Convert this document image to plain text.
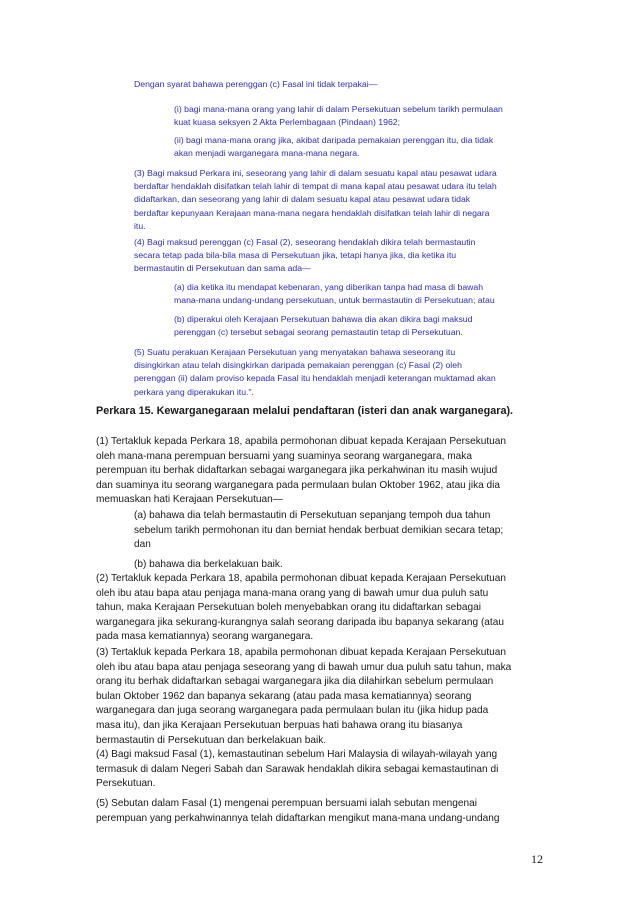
Dengan syarat bahawa perenggan (c) Fasal ini tidak terpakai—

(i) bagi mana-mana orang yang lahir di dalam Persekutuan sebelum tarikh permulaan
kuat kuasa seksyen 2 Akta Perlembagaan (Pindaan) 1962;

(ii) bagi mana-mana orang jika, akibat daripada pemakaian perenggan itu, dia tidak
akan menjadi warganegara mana-mana negara.

(3) Bagi maksud Perkara ini, seseorang yang lahir di dalam sesuatu kapal atau pesawat udara
berdaftar hendaklah disifatkan telah lahir di tempat di mana kapal atau pesawat udara itu telah
didaftarkan, dan seseorang yang lahir di dalam sesuatu kapal atau pesawat udara tidak
berdaftar kepunyaan Kerajaan mana-mana negara hendaklah disifatkan telah lahir di negara
itu.

(4) Bagi maksud perenggan (c) Fasal (2), seseorang hendaklah dikira telah bermastautin
secara tetap pada bila-bila masa di Persekutuan jika, tetapi hanya jika, dia ketika itu
bermastautin di Persekutuan dan sama ada—

(a) dia ketika itu mendapat kebenaran, yang diberikan tanpa had masa di bawah
mana-mana undang-undang persekutuan, untuk bermastautin di Persekutuan; atau

(b) diperakui oleh Kerajaan Persekutuan bahawa dia akan dikira bagi maksud
perenggan (c) tersebut sebagai seorang pemastautin tetap di Persekutuan.

(5) Suatu perakuan Kerajaan Persekutuan yang menyatakan bahawa seseorang itu
disingkirkan atau telah disingkirkan daripada pemakaian perenggan (c) Fasal (2) oleh
perenggan (ii) dalam proviso kepada Fasal itu hendaklah menjadi keterangan muktamad akan
perkara yang diperakukan itu.".

Perkara 15. Kewarganegaraan melalui pendaftaran (isteri dan anak warganegara).

(1) Tertakluk kepada Perkara 18, apabila permohonan dibuat kepada Kerajaan Persekutuan
oleh mana-mana perempuan bersuami yang suaminya seorang warganegara, maka
perempuan itu berhak didaftarkan sebagai warganegara jika perkahwinan itu masih wujud
dan suaminya itu seorang warganegara pada permulaan bulan Oktober 1962, atau jika dia
memuaskan hati Kerajaan Persekutuan—

(a) bahawa dia telah bermastautin di Persekutuan sepanjang tempoh dua tahun
sebelum tarikh permohonan itu dan berniat hendak berbuat demikian secara tetap;
dan

(b) bahawa dia berkelakuan baik.

(2) Tertakluk kepada Perkara 18, apabila permohonan dibuat kepada Kerajaan Persekutuan
oleh ibu atau bapa atau penjaga mana-mana orang yang di bawah umur dua puluh satu
tahun, maka Kerajaan Persekutuan boleh menyebabkan orang itu didaftarkan sebagai
warganegara jika sekurang-kurangnya salah seorang daripada ibu bapanya sekarang (atau
pada masa kematiannya) seorang warganegara.

(3) Tertakluk kepada Perkara 18, apabila permohonan dibuat kepada Kerajaan Persekutuan
oleh ibu atau bapa atau penjaga seseorang yang di bawah umur dua puluh satu tahun, maka
orang itu berhak didaftarkan sebagai warganegara jika dia dilahirkan sebelum permulaan
bulan Oktober 1962 dan bapanya sekarang (atau pada masa kematiannya) seorang
warganegara dan juga seorang warganegara pada permulaan bulan itu (jika hidup pada
masa itu), dan jika Kerajaan Persekutuan berpuas hati bahawa orang itu biasanya
bermastautin di Persekutuan dan berkelakuan baik.

(4) Bagi maksud Fasal (1), kemastautinan sebelum Hari Malaysia di wilayah-wilayah yang
termasuk di dalam Negeri Sabah dan Sarawak hendaklah dikira sebagai kemastautinan di
Persekutuan.

(5) Sebutan dalam Fasal (1) mengenai perempuan bersuami ialah sebutan mengenai
perempuan yang perkahwinannya telah didaftarkan mengikut mana-mana undang-undang

12
